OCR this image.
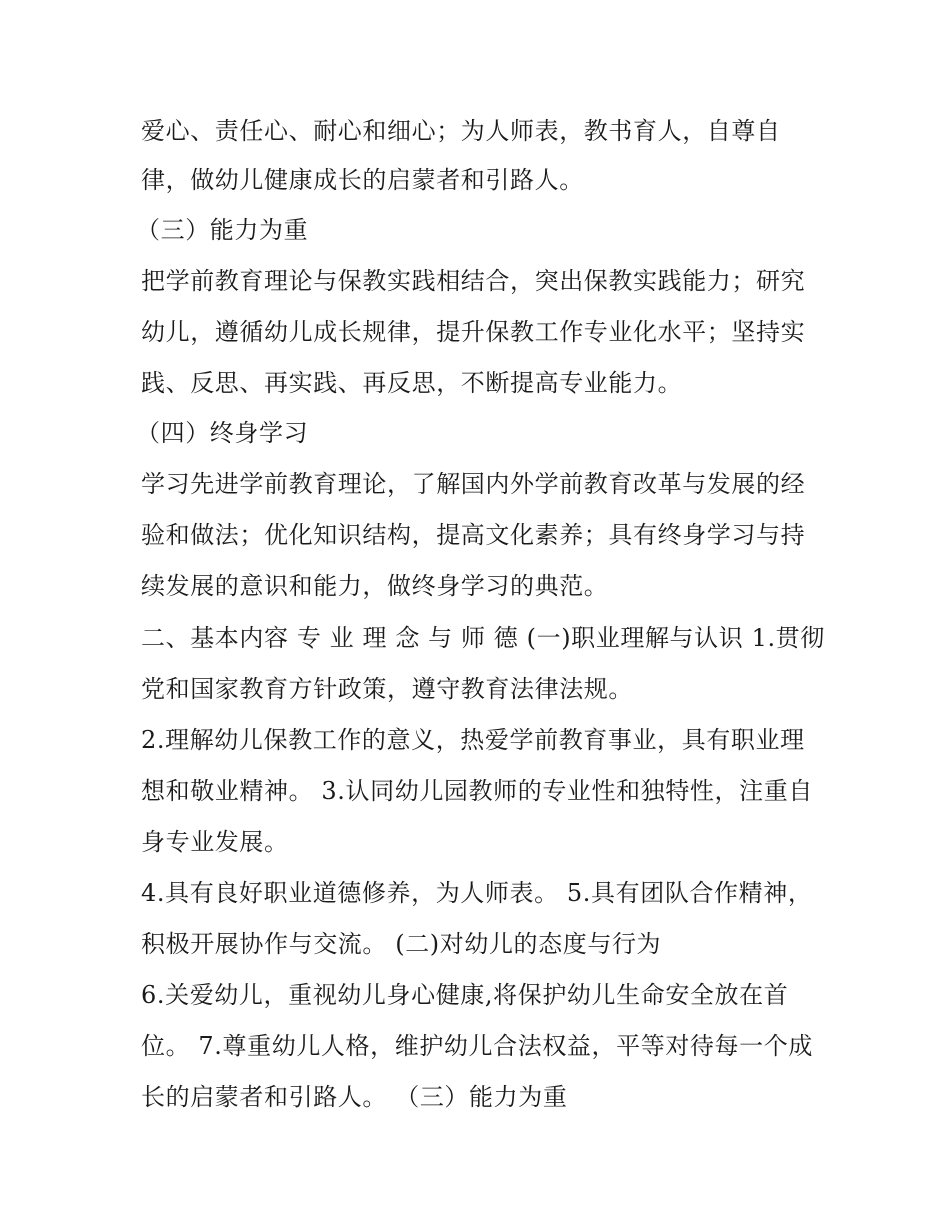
爱心、责任心、耐心和细心；为人师表，教书育人，自尊自
律，做幼儿健康成长的启蒙者和引路人。
（三）能力为重
把学前教育理论与保教实践相结合，突出保教实践能力；研究
幼儿，遵循幼儿成长规律，提升保教工作专业化水平；坚持实
践、反思、再实践、再反思，不断提高专业能力。
（四）终身学习
学习先进学前教育理论，了解国内外学前教育改革与发展的经
验和做法；优化知识结构，提高文化素养；具有终身学习与持
续发展的意识和能力，做终身学习的典范。
二、基本内容 专 业 理 念 与 师 德 (一)职业理解与认识 1.贯彻
党和国家教育方针政策，遵守教育法律法规。
2.理解幼儿保教工作的意义，热爱学前教育事业，具有职业理
想和敬业精神。 3.认同幼儿园教师的专业性和独特性，注重自
身专业发展。
4.具有良好职业道德修养，为人师表。 5.具有团队合作精神，
积极开展协作与交流。 (二)对幼儿的态度与行为
6.关爱幼儿，重视幼儿身心健康,将保护幼儿生命安全放在首
位。 7.尊重幼儿人格，维护幼儿合法权益，平等对待每一个成
长的启蒙者和引路人。 （三）能力为重
